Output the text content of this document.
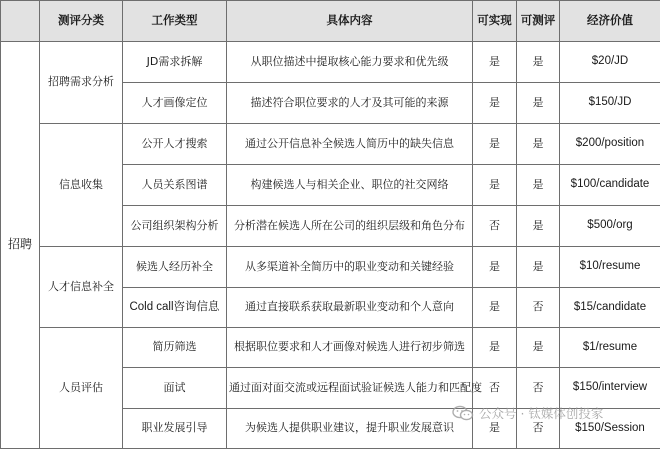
	测评分类	工作类型	具体内容	可实现	可测评	经济价值
招聘	招聘需求分析	JD需求拆解	从职位描述中提取核心能力要求和优先级	是	是	$20/JD
		人才画像定位	描述符合职位要求的人才及其可能的来源	是	是	$150/JD
	信息收集	公开人才搜索	通过公开信息补全候选人简历中的缺失信息	是	是	$200/position
		人员关系图谱	构建候选人与相关企业、职位的社交网络	是	是	$100/candidate
		公司组织架构分析	分析潜在候选人所在公司的组织层级和角色分布	否	是	$500/org
	人才信息补全	候选人经历补全	从多渠道补全简历中的职业变动和关键经验	是	是	$10/resume
		Cold call咨询信息	通过直接联系获取最新职业变动和个人意向	是	否	$15/candidate
	人员评估	简历筛选	根据职位要求和人才画像对候选人进行初步筛选	是	是	$1/resume
		面试	通过面对面交流或远程面试验证候选人能力和匹配度	否	否	$150/interview
		职业发展引导	为候选人提供职业建议，提升职业发展意识	是	否	$150/Session
公众号 · 钛媒体创投家
